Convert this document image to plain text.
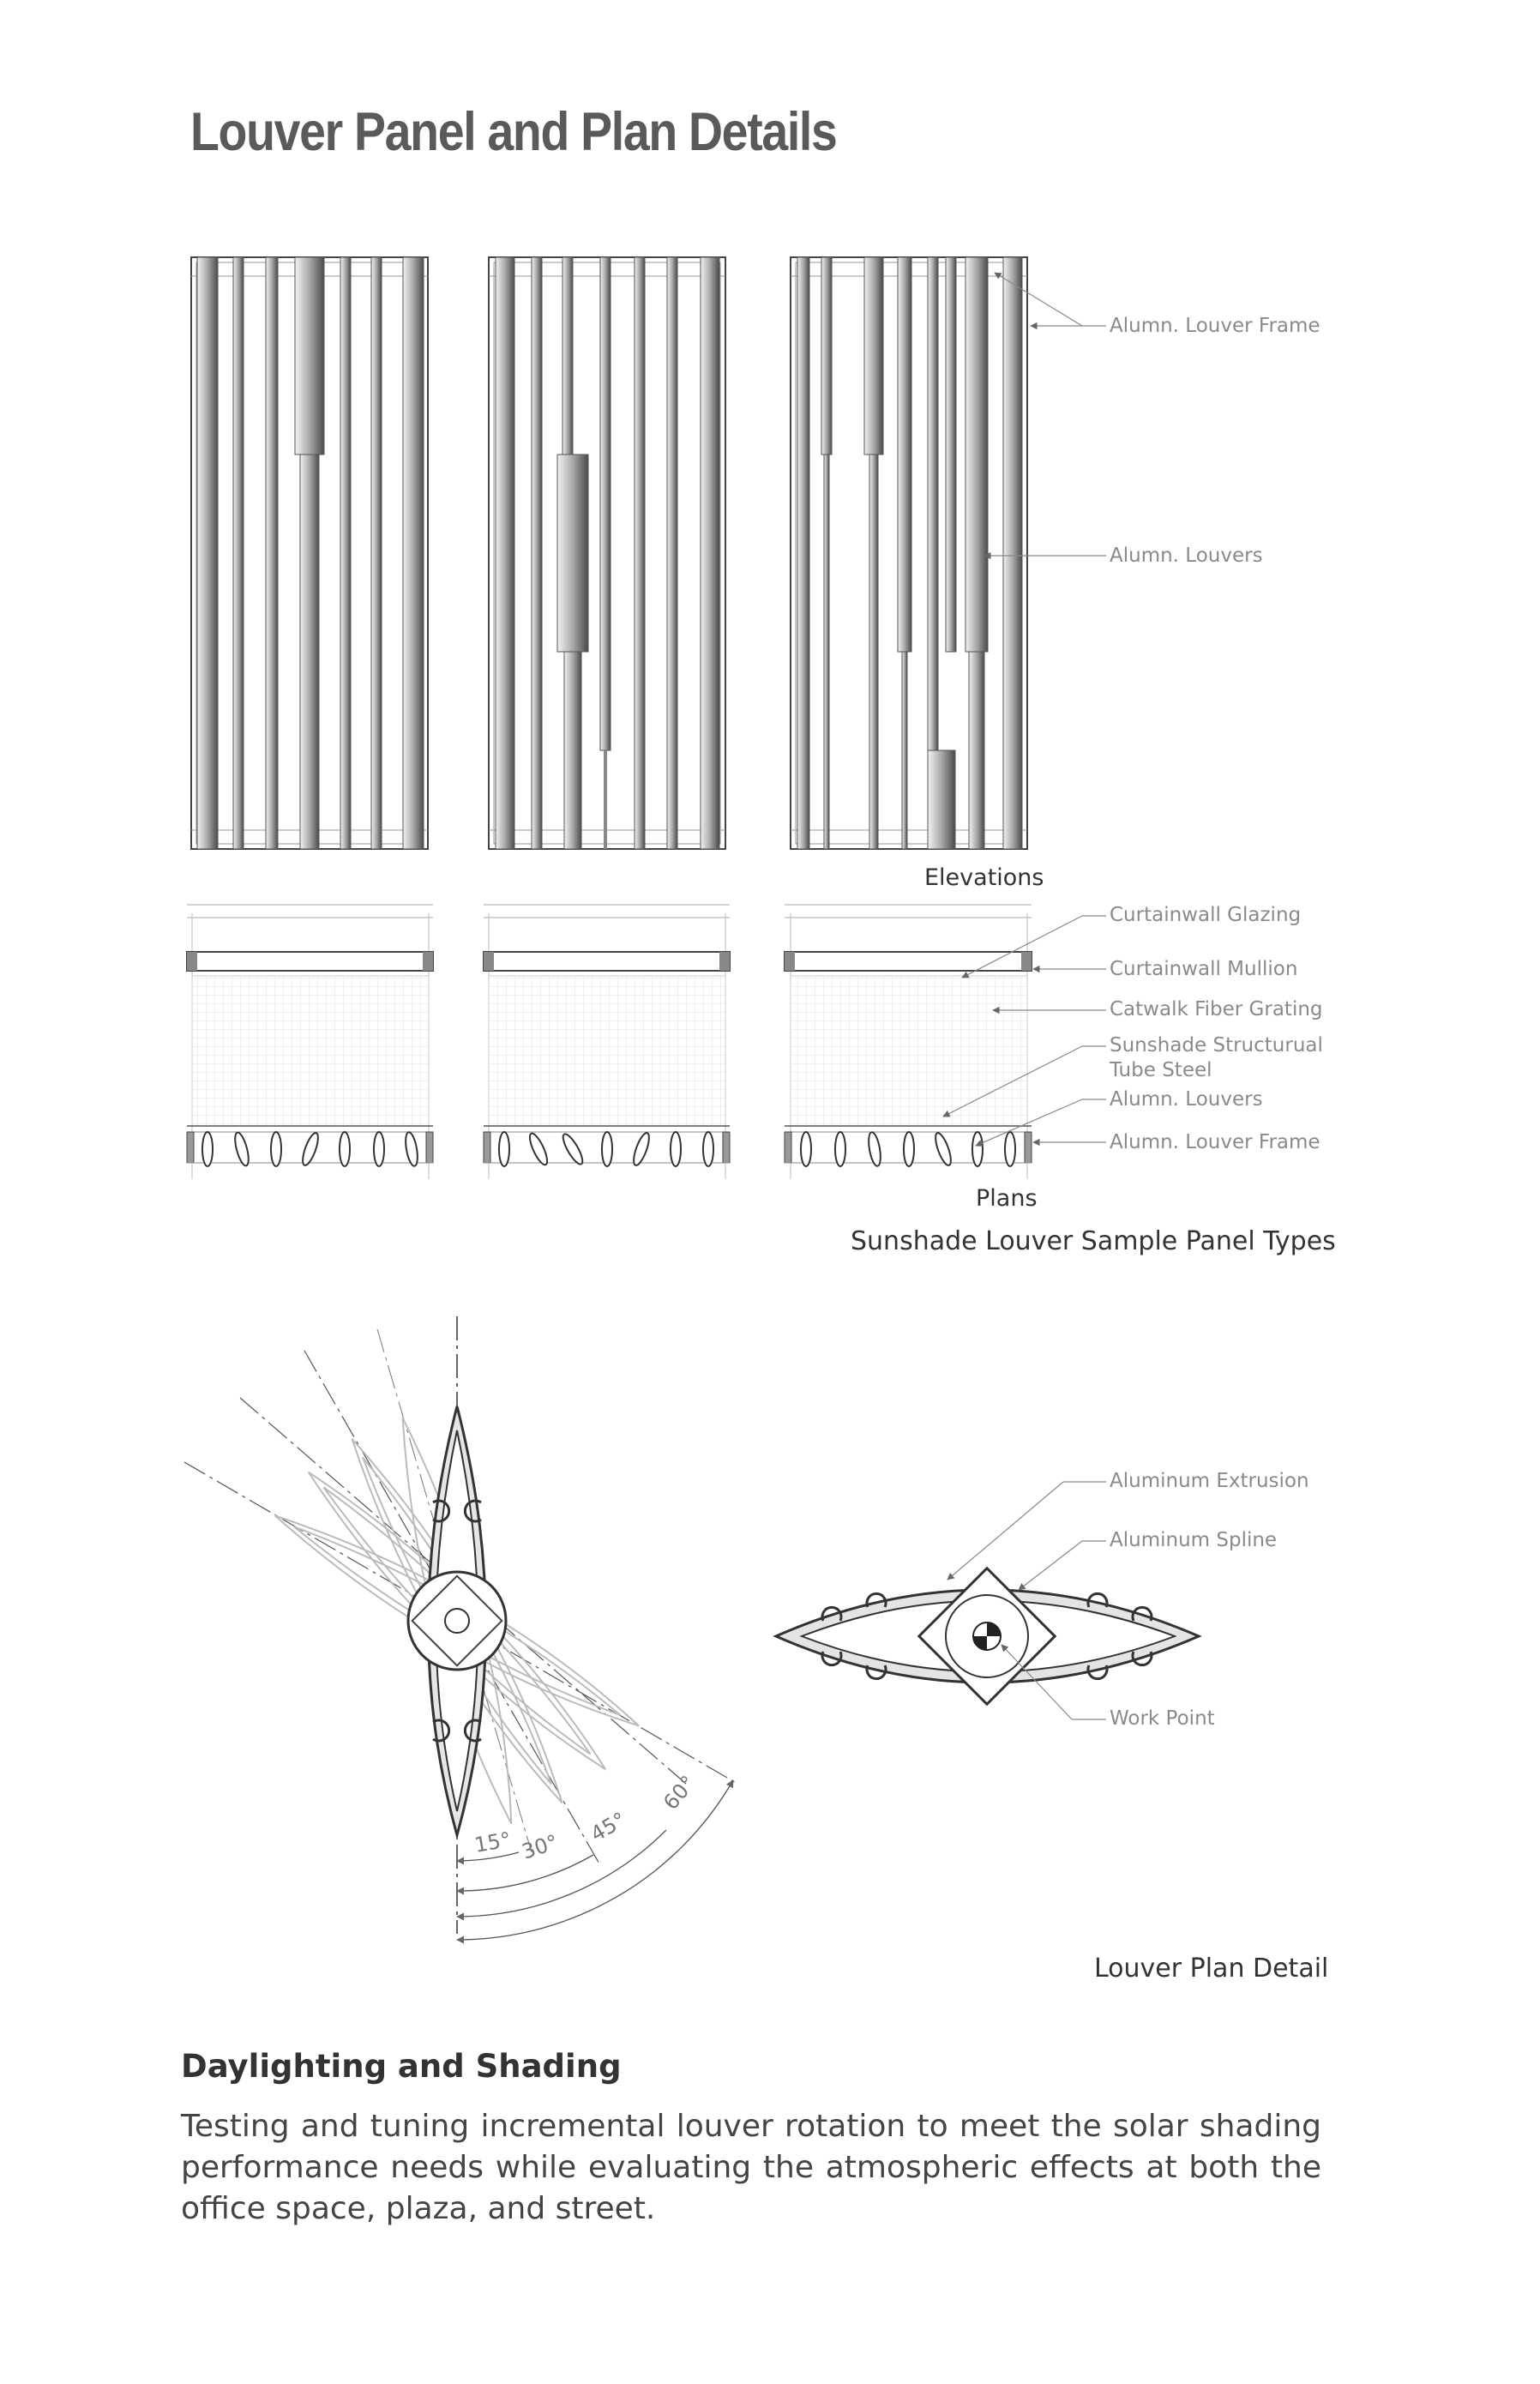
Louver Panel and Plan Details
15° 30°
45°
60°
Alumn. Louver Frame
Alumn. Louvers
Elevations
Curtainwall Glazing
Curtainwall Mullion
Catwalk Fiber Grating
Sunshade Structurual
Tube Steel
Alumn. Louvers
Alumn. Louver Frame
Plans
Sunshade Louver Sample Panel Types
Aluminum Extrusion
Aluminum Spline
Work Point
Louver Plan Detail
Daylighting and Shading

Testing and tuning incremental louver rotation to meet the solar shading performance needs while evaluating the atmospheric effects at both the office space, plaza, and street.
